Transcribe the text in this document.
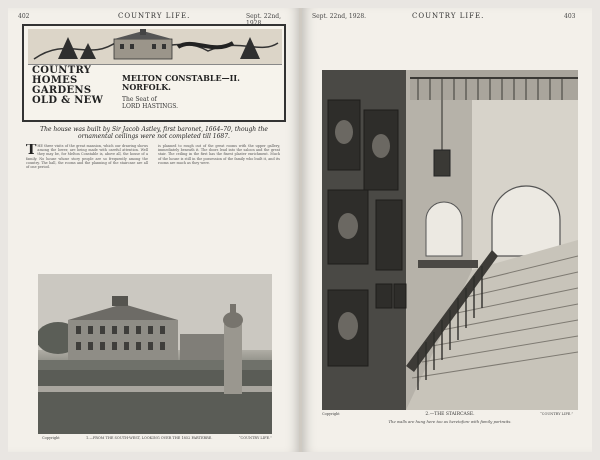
402	COUNTRY LIFE.	Sept. 22nd,
COUNTRY
HOMES
GARDENS
OLD & NEW
MELTON CONSTABLE—II.
NORFOLK.
The Seat of
LORD HASTINGS.
The house was built by Sir Jacob Astley, first baronet, 1664–70, though the ornamental ceilings were not completed till 1687.
T HE three visits of the great mansion, which our drawing shows among the lower, are being made with careful attention. Well they may be, for Melton Constable is, above all, the house of a family. No house whose story people are so frequently among the country. The hall, the rooms and the planning of the staircase are all of one period.
is planned to rough out of the great rooms with the upper gallery, immediately beneath it. The doors lead into the saloon and the great stair. The ceiling in the first has the finest plaster enrichment. Much of the house is still in the possession of the family who built it, and its rooms are much as they were.
Copyright	1.—FROM THE SOUTH-WEST, LOOKING OVER THE 1852 PARTERRE.	“COUNTRY LIFE.”
Sept. 22nd, 1928.	COUNTRY LIFE.	403
Copyright	2.—THE STAIRCASE.	“COUNTRY LIFE.”
The walls are hung here too as heretofore with family portraits.
